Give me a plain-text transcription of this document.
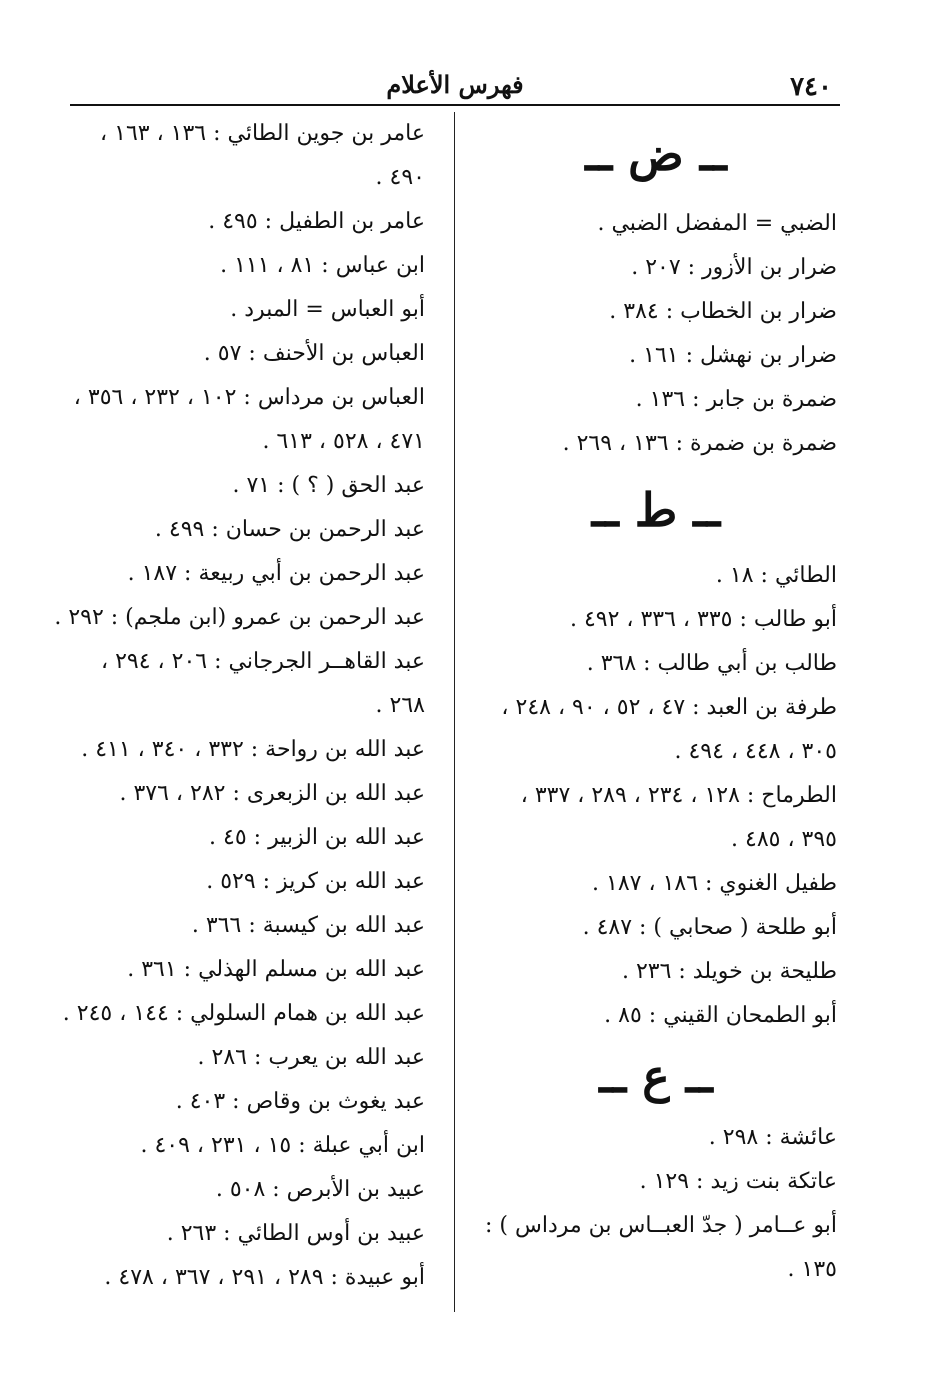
٧٤٠
فهرس الأعلام
ــ ض ــ
الضبي = المفضل الضبي .
ضرار بن الأزور : ٢٠٧ .
ضرار بن الخطاب : ٣٨٤ .
ضرار بن نهشل : ١٦١ .
ضمرة بن جابر : ١٣٦ .
ضمرة بن ضمرة : ١٣٦ ، ٢٦٩ .
ــ ط ــ
الطائي : ١٨ .
أبو طالب : ٣٣٥ ، ٣٣٦ ، ٤٩٢ .
طالب بن أبي طالب : ٣٦٨ .
طرفة بن العبد : ٤٧ ، ٥٢ ، ٩٠ ، ٢٤٨ ،
٣٠٥ ، ٤٤٨ ، ٤٩٤ .
الطرماح : ١٢٨ ، ٢٣٤ ، ٢٨٩ ، ٣٣٧ ،
٣٩٥ ، ٤٨٥ .
طفيل الغنوي : ١٨٦ ، ١٨٧ .
أبو طلحة ( صحابي ) : ٤٨٧ .
طليحة بن خويلد : ٢٣٦ .
أبو الطمحان القيني : ٨٥ .
ــ ع ــ
عائشة : ٢٩٨ .
عاتكة بنت زيد : ١٢٩ .
أبو عــامر ( جدّ العبــاس بن مرداس ) :
١٣٥ .
عامر بن جوين الطائي : ١٣٦ ، ١٦٣ ،
٤٩٠ .
عامر بن الطفيل : ٤٩٥ .
ابن عباس : ٨١ ، ١١١ .
أبو العباس = المبرد .
العباس بن الأحنف : ٥٧ .
العباس بن مرداس : ١٠٢ ، ٢٣٢ ، ٣٥٦ ،
٤٧١ ، ٥٢٨ ، ٦١٣ .
عبد الحق ( ؟ ) : ٧١ .
عبد الرحمن بن حسان : ٤٩٩ .
عبد الرحمن بن أبي ربيعة : ١٨٧ .
عبد الرحمن بن عمرو (ابن ملجم) : ٢٩٢ .
عبد القاهــر الجرجاني : ٢٠٦ ، ٢٩٤ ،
٢٦٨ .
عبد الله بن رواحة : ٣٣٢ ، ٣٤٠ ، ٤١١ .
عبد الله بن الزبعرى : ٢٨٢ ، ٣٧٦ .
عبد الله بن الزبير : ٤٥ .
عبد الله بن كريز : ٥٢٩ .
عبد الله بن كيسبة : ٣٦٦ .
عبد الله بن مسلم الهذلي : ٣٦١ .
عبد الله بن همام السلولي : ١٤٤ ، ٢٤٥ .
عبد الله بن يعرب : ٢٨٦ .
عبد يغوث بن وقاص : ٤٠٣ .
ابن أبي عبلة : ١٥ ، ٢٣١ ، ٤٠٩ .
عبيد بن الأبرص : ٥٠٨ .
عبيد بن أوس الطائي : ٢٦٣ .
أبو عبيدة : ٢٨٩ ، ٢٩١ ، ٣٦٧ ، ٤٧٨ .
